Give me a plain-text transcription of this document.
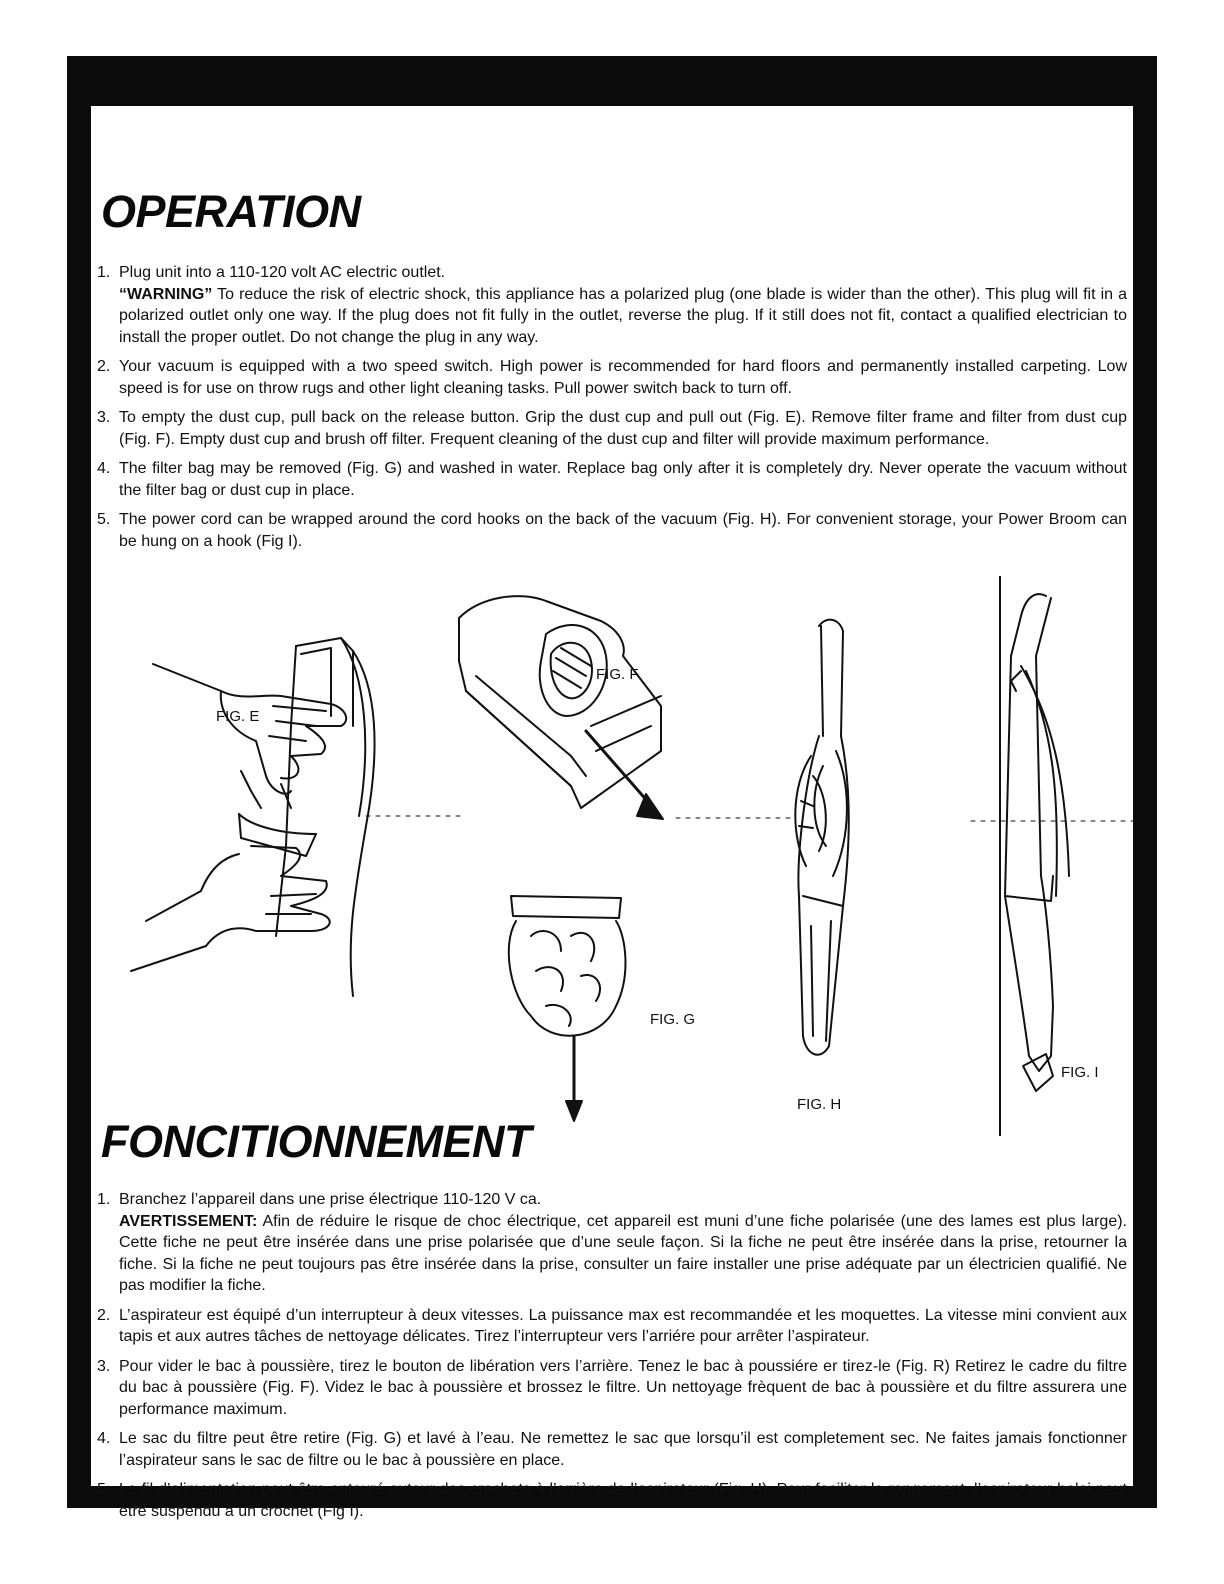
OPERATION
1. Plug unit into a 110-120 volt AC electric outlet.
“WARNING” To reduce the risk of electric shock, this appliance has a polarized plug (one blade is wider than the other). This plug will fit in a polarized outlet only one way. If the plug does not fit fully in the outlet, reverse the plug. If it still does not fit, contact a qualified electrician to install the proper outlet. Do not change the plug in any way.
2. Your vacuum is equipped with a two speed switch. High power is recommended for hard floors and permanently installed carpeting. Low speed is for use on throw rugs and other light cleaning tasks. Pull power switch back to turn off.
3. To empty the dust cup, pull back on the release button. Grip the dust cup and pull out (Fig. E). Remove filter frame and filter from dust cup (Fig. F). Empty dust cup and brush off filter. Frequent cleaning of the dust cup and filter will provide maximum performance.
4. The filter bag may be removed (Fig. G) and washed in water. Replace bag only after it is completely dry. Never operate the vacuum without the filter bag or dust cup in place.
5. The power cord can be wrapped around the cord hooks on the back of the vacuum (Fig. H). For convenient storage, your Power Broom can be hung on a hook (Fig I).
FIG. E
FIG. F
FIG. G
FIG. H
FIG. I
FONCITIONNEMENT
1. Branchez l’appareil dans une prise électrique 110-120 V ca.
AVERTISSEMENT: Afin de réduire le risque de choc électrique, cet appareil est muni d’une fiche polarisée (une des lames est plus large). Cette fiche ne peut être insérée dans une prise polarisée que d’une seule façon. Si la fiche ne peut être insérée dans la prise, retourner la fiche. Si la fiche ne peut toujours pas être insérée dans la prise, consulter un faire installer une prise adéquate par un électricien qualifié. Ne pas modifier la fiche.
2. L’aspirateur est équipé d’un interrupteur à deux vitesses. La puissance max est recommandée et les moquettes. La vitesse mini convient aux tapis et aux autres tâches de nettoyage délicates. Tirez l’interrupteur vers l’arriére pour arrêter l’aspirateur.
3. Pour vider le bac à poussière, tirez le bouton de libération vers l’arrière. Tenez le bac à poussiére er tirez-le (Fig. R) Retirez le cadre du filtre du bac à poussière (Fig. F). Videz le bac à poussière et brossez le filtre. Un nettoyage frèquent de bac à poussière et du filtre assurera une performance maximum.
4. Le sac du filtre peut être retire (Fig. G) et lavé à l’eau. Ne remettez le sac que lorsqu’il est completement sec. Ne faites jamais fonctionner l’aspirateur sans le sac de filtre ou le bac à poussière en place.
5. Le fil d’alimentation peut être entouré autour des crochets à l’arrière de l’aspirateur (Fig. H). Pour faciliter le rangement, l’aspirateur balai peut être suspendu à un crochet (Fig I).
